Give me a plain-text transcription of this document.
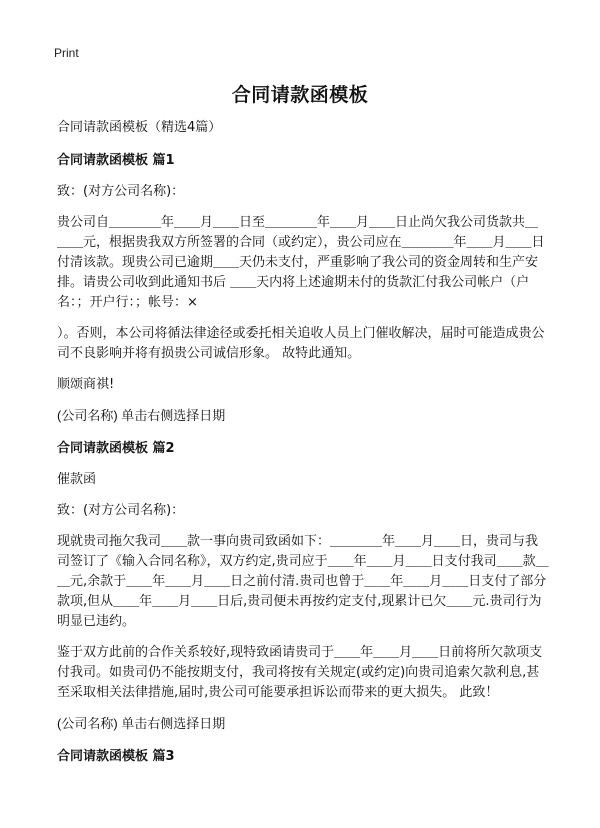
Print
合同请款函模板

合同请款函模板（精选4篇）

合同请款函模板 篇1

致：(对方公司名称)：

贵公司自＿＿＿＿年＿＿月＿＿日至＿＿＿＿年＿＿月＿＿日止尚欠我公司货款共＿＿＿元，根据贵我双方所签署的合同（或约定），贵公司应在＿＿＿＿年＿＿月＿＿日付清该款。现贵公司已逾期＿＿天仍未支付，严重影响了我公司的资金周转和生产安排。请贵公司收到此通知书后 ＿＿天内将上述逾期未付的货款汇付我公司帐户（户名：；开户行：；帐号：×

）。否则，本公司将循法律途径或委托相关追收人员上门催收解决，届时可能造成贵公司不良影响并将有损贵公司诚信形象。 故特此通知。

顺颂商祺!

(公司名称) 单击右侧选择日期

合同请款函模板 篇2

催款函

致：(对方公司名称)：

现就贵司拖欠我司＿＿款一事向贵司致函如下：＿＿＿＿年＿＿月＿＿日，贵司与我司签订了《输入合同名称》，双方约定,贵司应于＿＿年＿＿月＿＿日支付我司＿＿款＿＿元,余款于＿＿年＿＿月＿＿日之前付清.贵司也曾于＿＿年＿＿月＿＿日支付了部分款项,但从＿＿年＿＿月＿＿日后,贵司便未再按约定支付,现累计已欠＿＿元.贵司行为明显已违约。

鉴于双方此前的合作关系较好,现特致函请贵司于＿＿年＿＿月＿＿日前将所欠款项支付我司。如贵司仍不能按期支付，我司将按有关规定(或约定)向贵司追索欠款利息,甚至采取相关法律措施,届时,贵公司可能要承担诉讼而带来的更大损失。 此致！

(公司名称) 单击右侧选择日期

合同请款函模板 篇3
